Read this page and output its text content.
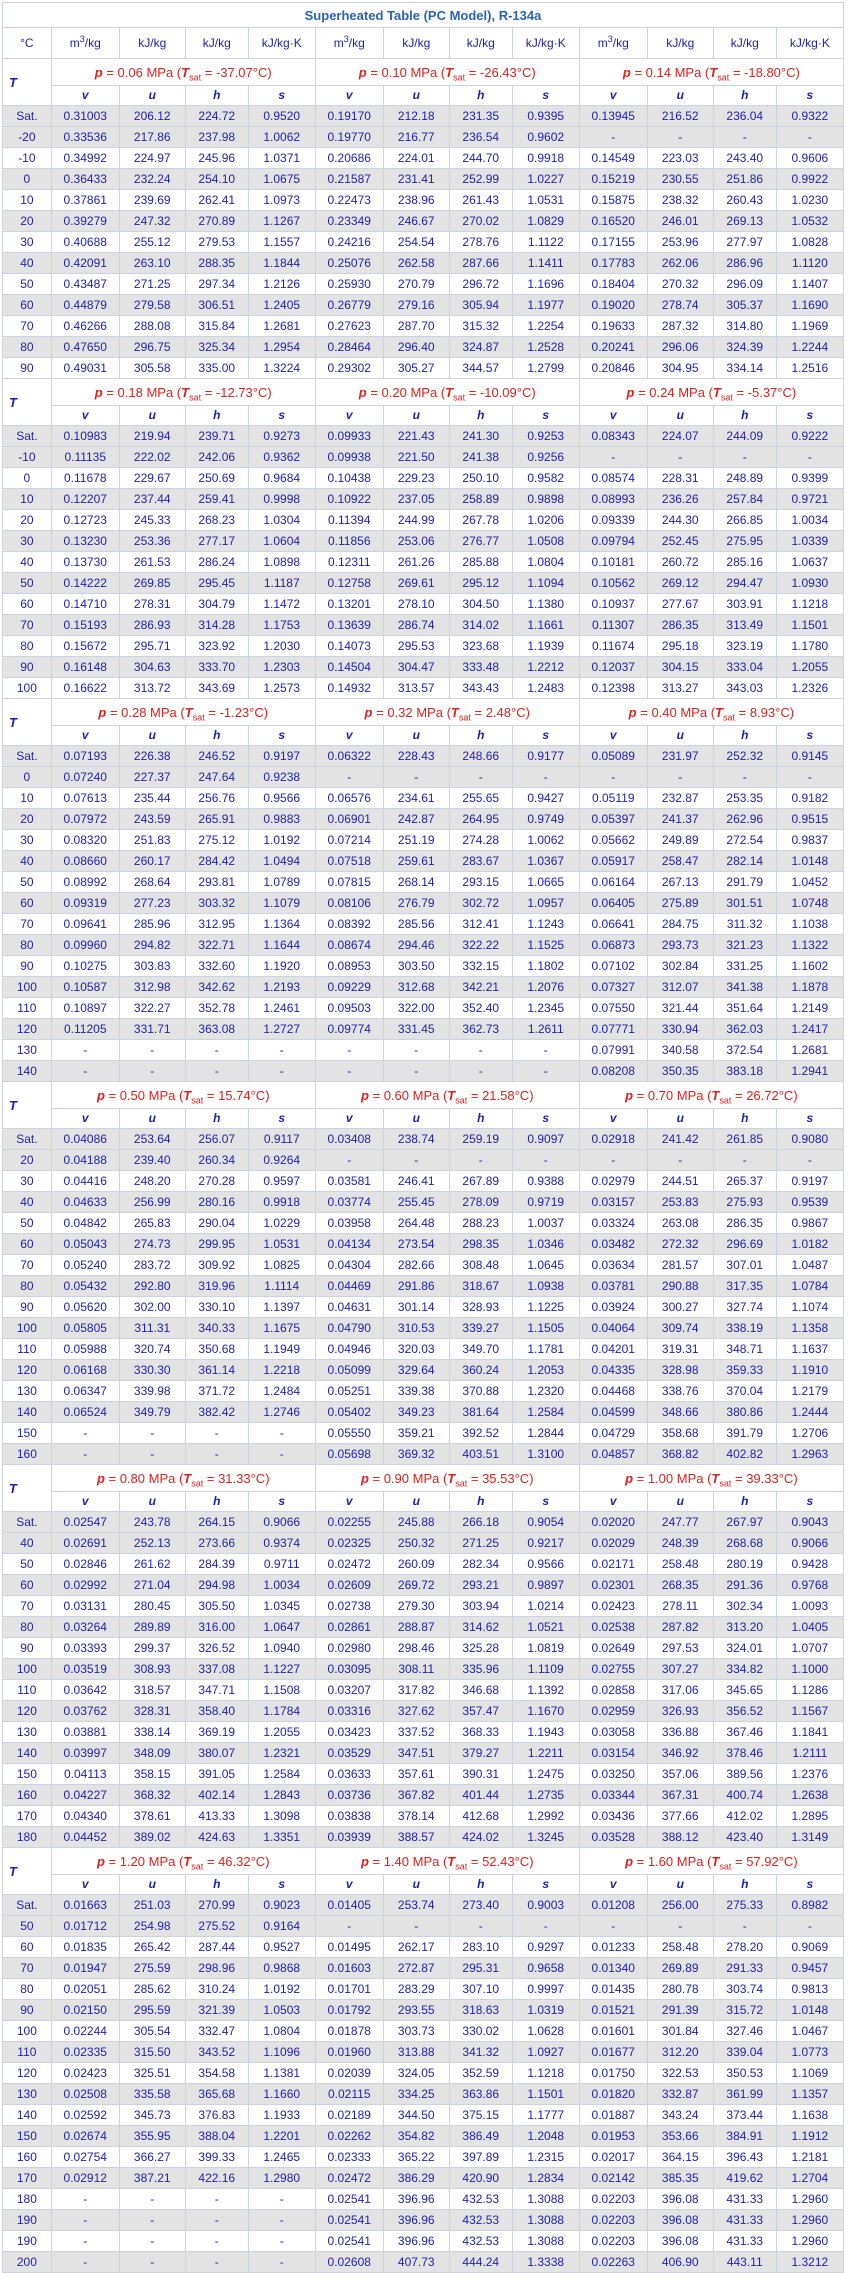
Superheated Table (PC Model), R-134a												
°C	$m^3/kg$	kJ/kg	kJ/kg	kJ/kg·K	$m^3/kg$	kJ/kg	kJ/kg	kJ/kg·K	$m^3/kg$	kJ/kg	kJ/kg	kJ/kg·K
T	p = 0.06 MPa $(T_{sat} = -37.07^\circ C)$				p = 0.10 MPa $(T_{sat} = -26.43^\circ C)$				p = 0.14 MPa $(T_{sat} = -18.80^\circ C)$			
	v	u	h	s	v	u	h	s	v	u	h	s
Sat.	0.31003	206.12	224.72	0.9520	0.19170	212.18	231.35	0.9395	0.13945	216.52	236.04	0.9322
-20	0.33536	217.86	237.98	1.0062	0.19770	216.77	236.54	0.9602	-	-	-	-
-10	0.34992	224.97	245.96	1.0371	0.20686	224.01	244.70	0.9918	0.14549	223.03	243.40	0.9606
0	0.36433	232.24	254.10	1.0675	0.21587	231.41	252.99	1.0227	0.15219	230.55	251.86	0.9922
10	0.37861	239.69	262.41	1.0973	0.22473	238.96	261.43	1.0531	0.15875	238.32	260.43	1.0230
20	0.39279	247.32	270.89	1.1267	0.23349	246.67	270.02	1.0829	0.16520	246.01	269.13	1.0532
30	0.40688	255.12	279.53	1.1557	0.24216	254.54	278.76	1.1122	0.17155	253.96	277.97	1.0828
40	0.42091	263.10	288.35	1.1844	0.25076	262.58	287.66	1.1411	0.17783	262.06	286.96	1.1120
50	0.43487	271.25	297.34	1.2126	0.25930	270.79	296.72	1.1696	0.18404	270.32	296.09	1.1407
60	0.44879	279.58	306.51	1.2405	0.26779	279.16	305.94	1.1977	0.19020	278.74	305.37	1.1690
70	0.46266	288.08	315.84	1.2681	0.27623	287.70	315.32	1.2254	0.19633	287.32	314.80	1.1969
80	0.47650	296.75	325.34	1.2954	0.28464	296.40	324.87	1.2528	0.20241	296.06	324.39	1.2244
90	0.49031	305.58	335.00	1.3224	0.29302	305.27	344.57	1.2799	0.20846	304.95	334.14	1.2516
T	p = 0.18 MPa $(T_{sat} = -12.73^\circ C)$				p = 0.20 MPa $(T_{sat} = -10.09^\circ C)$				p = 0.24 MPa $(T_{sat} = -5.37^\circ C)$			
	v	u	h	s	v	u	h	s	v	u	h	s
Sat.	0.10983	219.94	239.71	0.9273	0.09933	221.43	241.30	0.9253	0.08343	224.07	244.09	0.9222
-10	0.11135	222.02	242.06	0.9362	0.09938	221.50	241.38	0.9256	-	-	-	-
0	0.11678	229.67	250.69	0.9684	0.10438	229.23	250.10	0.9582	0.08574	228.31	248.89	0.9399
10	0.12207	237.44	259.41	0.9998	0.10922	237.05	258.89	0.9898	0.08993	236.26	257.84	0.9721
20	0.12723	245.33	268.23	1.0304	0.11394	244.99	267.78	1.0206	0.09339	244.30	266.85	1.0034
30	0.13230	253.36	277.17	1.0604	0.11856	253.06	276.77	1.0508	0.09794	252.45	275.95	1.0339
40	0.13730	261.53	286.24	1.0898	0.12311	261.26	285.88	1.0804	0.10181	260.72	285.16	1.0637
50	0.14222	269.85	295.45	1.1187	0.12758	269.61	295.12	1.1094	0.10562	269.12	294.47	1.0930
60	0.14710	278.31	304.79	1.1472	0.13201	278.10	304.50	1.1380	0.10937	277.67	303.91	1.1218
70	0.15193	286.93	314.28	1.1753	0.13639	286.74	314.02	1.1661	0.11307	286.35	313.49	1.1501
80	0.15672	295.71	323.92	1.2030	0.14073	295.53	323.68	1.1939	0.11674	295.18	323.19	1.1780
90	0.16148	304.63	333.70	1.2303	0.14504	304.47	333.48	1.2212	0.12037	304.15	333.04	1.2055
100	0.16622	313.72	343.69	1.2573	0.14932	313.57	343.43	1.2483	0.12398	313.27	343.03	1.2326
T	p = 0.28 MPa $(T_{sat} = -1.23^\circ C)$				p = 0.32 MPa $(T_{sat} = 2.48^\circ C)$				p = 0.40 MPa $(T_{sat} = 8.93^\circ C)$			
	v	u	h	s	v	u	h	s	v	u	h	s
Sat.	0.07193	226.38	246.52	0.9197	0.06322	228.43	248.66	0.9177	0.05089	231.97	252.32	0.9145
0	0.07240	227.37	247.64	0.9238	-	-	-	-	-	-	-	-
10	0.07613	235.44	256.76	0.9566	0.06576	234.61	255.65	0.9427	0.05119	232.87	253.35	0.9182
20	0.07972	243.59	265.91	0.9883	0.06901	242.87	264.95	0.9749	0.05397	241.37	262.96	0.9515
30	0.08320	251.83	275.12	1.0192	0.07214	251.19	274.28	1.0062	0.05662	249.89	272.54	0.9837
40	0.08660	260.17	284.42	1.0494	0.07518	259.61	283.67	1.0367	0.05917	258.47	282.14	1.0148
50	0.08992	268.64	293.81	1.0789	0.07815	268.14	293.15	1.0665	0.06164	267.13	291.79	1.0452
60	0.09319	277.23	303.32	1.1079	0.08106	276.79	302.72	1.0957	0.06405	275.89	301.51	1.0748
70	0.09641	285.96	312.95	1.1364	0.08392	285.56	312.41	1.1243	0.06641	284.75	311.32	1.1038
80	0.09960	294.82	322.71	1.1644	0.08674	294.46	322.22	1.1525	0.06873	293.73	321.23	1.1322
90	0.10275	303.83	332.60	1.1920	0.08953	303.50	332.15	1.1802	0.07102	302.84	331.25	1.1602
100	0.10587	312.98	342.62	1.2193	0.09229	312.68	342.21	1.2076	0.07327	312.07	341.38	1.1878
110	0.10897	322.27	352.78	1.2461	0.09503	322.00	352.40	1.2345	0.07550	321.44	351.64	1.2149
120	0.11205	331.71	363.08	1.2727	0.09774	331.45	362.73	1.2611	0.07771	330.94	362.03	1.2417
130	-	-	-	-	-	-	-	-	0.07991	340.58	372.54	1.2681
140	-	-	-	-	-	-	-	-	0.08208	350.35	383.18	1.2941
T	p = 0.50 MPa $(T_{sat} = 15.74^\circ C)$				p = 0.60 MPa $(T_{sat} = 21.58^\circ C)$				p = 0.70 MPa $(T_{sat} = 26.72^\circ C)$			
	v	u	h	s	v	u	h	s	v	u	h	s
Sat.	0.04086	253.64	256.07	0.9117	0.03408	238.74	259.19	0.9097	0.02918	241.42	261.85	0.9080
20	0.04188	239.40	260.34	0.9264	-	-	-	-	-	-	-	-
30	0.04416	248.20	270.28	0.9597	0.03581	246.41	267.89	0.9388	0.02979	244.51	265.37	0.9197
40	0.04633	256.99	280.16	0.9918	0.03774	255.45	278.09	0.9719	0.03157	253.83	275.93	0.9539
50	0.04842	265.83	290.04	1.0229	0.03958	264.48	288.23	1.0037	0.03324	263.08	286.35	0.9867
60	0.05043	274.73	299.95	1.0531	0.04134	273.54	298.35	1.0346	0.03482	272.32	296.69	1.0182
70	0.05240	283.72	309.92	1.0825	0.04304	282.66	308.48	1.0645	0.03634	281.57	307.01	1.0487
80	0.05432	292.80	319.96	1.1114	0.04469	291.86	318.67	1.0938	0.03781	290.88	317.35	1.0784
90	0.05620	302.00	330.10	1.1397	0.04631	301.14	328.93	1.1225	0.03924	300.27	327.74	1.1074
100	0.05805	311.31	340.33	1.1675	0.04790	310.53	339.27	1.1505	0.04064	309.74	338.19	1.1358
110	0.05988	320.74	350.68	1.1949	0.04946	320.03	349.70	1.1781	0.04201	319.31	348.71	1.1637
120	0.06168	330.30	361.14	1.2218	0.05099	329.64	360.24	1.2053	0.04335	328.98	359.33	1.1910
130	0.06347	339.98	371.72	1.2484	0.05251	339.38	370.88	1.2320	0.04468	338.76	370.04	1.2179
140	0.06524	349.79	382.42	1.2746	0.05402	349.23	381.64	1.2584	0.04599	348.66	380.86	1.2444
150	-	-	-	-	0.05550	359.21	392.52	1.2844	0.04729	358.68	391.79	1.2706
160	-	-	-	-	0.05698	369.32	403.51	1.3100	0.04857	368.82	402.82	1.2963
T	p = 0.80 MPa $(T_{sat} = 31.33^\circ C)$				p = 0.90 MPa $(T_{sat} = 35.53^\circ C)$				p = 1.00 MPa $(T_{sat} = 39.33^\circ C)$			
	v	u	h	s	v	u	h	s	v	u	h	s
Sat.	0.02547	243.78	264.15	0.9066	0.02255	245.88	266.18	0.9054	0.02020	247.77	267.97	0.9043
40	0.02691	252.13	273.66	0.9374	0.02325	250.32	271.25	0.9217	0.02029	248.39	268.68	0.9066
50	0.02846	261.62	284.39	0.9711	0.02472	260.09	282.34	0.9566	0.02171	258.48	280.19	0.9428
60	0.02992	271.04	294.98	1.0034	0.02609	269.72	293.21	0.9897	0.02301	268.35	291.36	0.9768
70	0.03131	280.45	305.50	1.0345	0.02738	279.30	303.94	1.0214	0.02423	278.11	302.34	1.0093
80	0.03264	289.89	316.00	1.0647	0.02861	288.87	314.62	1.0521	0.02538	287.82	313.20	1.0405
90	0.03393	299.37	326.52	1.0940	0.02980	298.46	325.28	1.0819	0.02649	297.53	324.01	1.0707
100	0.03519	308.93	337.08	1.1227	0.03095	308.11	335.96	1.1109	0.02755	307.27	334.82	1.1000
110	0.03642	318.57	347.71	1.1508	0.03207	317.82	346.68	1.1392	0.02858	317.06	345.65	1.1286
120	0.03762	328.31	358.40	1.1784	0.03316	327.62	357.47	1.1670	0.02959	326.93	356.52	1.1567
130	0.03881	338.14	369.19	1.2055	0.03423	337.52	368.33	1.1943	0.03058	336.88	367.46	1.1841
140	0.03997	348.09	380.07	1.2321	0.03529	347.51	379.27	1.2211	0.03154	346.92	378.46	1.2111
150	0.04113	358.15	391.05	1.2584	0.03633	357.61	390.31	1.2475	0.03250	357.06	389.56	1.2376
160	0.04227	368.32	402.14	1.2843	0.03736	367.82	401.44	1.2735	0.03344	367.31	400.74	1.2638
170	0.04340	378.61	413.33	1.3098	0.03838	378.14	412.68	1.2992	0.03436	377.66	412.02	1.2895
180	0.04452	389.02	424.63	1.3351	0.03939	388.57	424.02	1.3245	0.03528	388.12	423.40	1.3149
T	p = 1.20 MPa $(T_{sat} = 46.32^\circ C)$				p = 1.40 MPa $(T_{sat} = 52.43^\circ C)$				p = 1.60 MPa $(T_{sat} = 57.92^\circ C)$			
	v	u	h	s	v	u	h	s	v	u	h	s
Sat.	0.01663	251.03	270.99	0.9023	0.01405	253.74	273.40	0.9003	0.01208	256.00	275.33	0.8982
50	0.01712	254.98	275.52	0.9164	-	-	-	-	-	-	-	-
60	0.01835	265.42	287.44	0.9527	0.01495	262.17	283.10	0.9297	0.01233	258.48	278.20	0.9069
70	0.01947	275.59	298.96	0.9868	0.01603	272.87	295.31	0.9658	0.01340	269.89	291.33	0.9457
80	0.02051	285.62	310.24	1.0192	0.01701	283.29	307.10	0.9997	0.01435	280.78	303.74	0.9813
90	0.02150	295.59	321.39	1.0503	0.01792	293.55	318.63	1.0319	0.01521	291.39	315.72	1.0148
100	0.02244	305.54	332.47	1.0804	0.01878	303.73	330.02	1.0628	0.01601	301.84	327.46	1.0467
110	0.02335	315.50	343.52	1.1096	0.01960	313.88	341.32	1.0927	0.01677	312.20	339.04	1.0773
120	0.02423	325.51	354.58	1.1381	0.02039	324.05	352.59	1.1218	0.01750	322.53	350.53	1.1069
130	0.02508	335.58	365.68	1.1660	0.02115	334.25	363.86	1.1501	0.01820	332.87	361.99	1.1357
140	0.02592	345.73	376.83	1.1933	0.02189	344.50	375.15	1.1777	0.01887	343.24	373.44	1.1638
150	0.02674	355.95	388.04	1.2201	0.02262	354.82	386.49	1.2048	0.01953	353.66	384.91	1.1912
160	0.02754	366.27	399.33	1.2465	0.02333	365.22	397.89	1.2315	0.02017	364.15	396.43	1.2181
170	0.02912	387.21	422.16	1.2980	0.02472	386.29	420.90	1.2834	0.02142	385.35	419.62	1.2704
180	-	-	-	-	0.02541	396.96	432.53	1.3088	0.02203	396.08	431.33	1.2960
190	-	-	-	-	0.02541	396.96	432.53	1.3088	0.02203	396.08	431.33	1.2960
190	-	-	-	-	0.02541	396.96	432.53	1.3088	0.02203	396.08	431.33	1.2960
200	-	-	-	-	0.02608	407.73	444.24	1.3338	0.02263	406.90	443.11	1.3212
